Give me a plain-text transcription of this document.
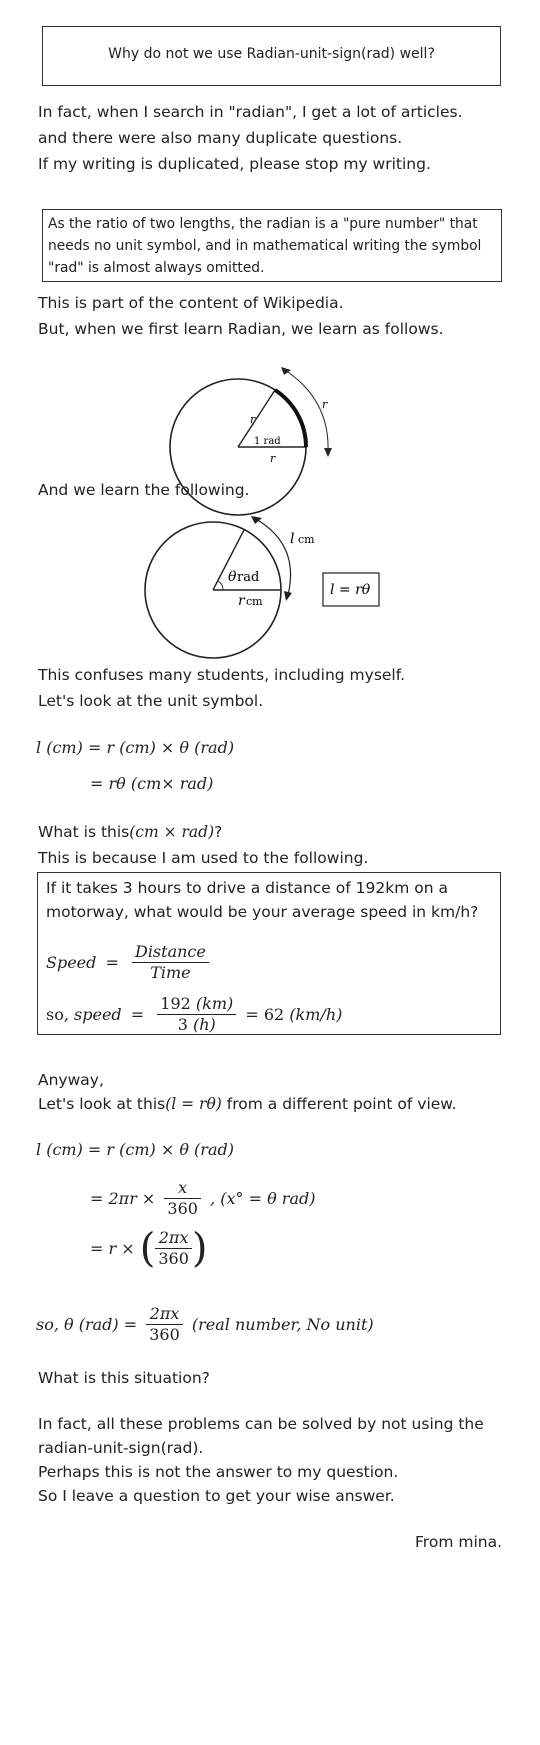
Why do not we use Radian-unit-sign(rad) well?
In fact, when I search in "radian", I get a lot of articles.
and there were also many duplicate questions.
If my writing is duplicated, please stop my writing.
As the ratio of two lengths, the radian is a "pure number" that
needs no unit symbol, and in mathematical writing the symbol
"rad" is almost always omitted.
This is part of the content of Wikipedia.
But, when we first learn Radian, we learn as follows.
r
r
r
1 rad
And we learn the following.
l cm
θ rad
r cm
l = rθ
This confuses many students, including myself.
Let's look at the unit symbol.
l (cm) = r (cm) × θ (rad)
= rθ (cm× rad)
What is this(cm × rad)?
This is because I am used to the following.
If it takes 3 hours to drive a distance of 192km on a
motorway, what would be your average speed in km/h?
Speed = $\frac{\text{Distance}}{\text{Time}}$
so, speed = $\frac{192 (km)}{3 (h)} = 62$ (km/h)
Anyway,
Let's look at this(l = rθ) from a different point of view.
l (cm) = r (cm) × θ (rad)
= $2\pi r \times \frac{x}{360}$ , (x° = θ rad)
= r × ( $\frac{2\pi x}{360}$ )
so, θ $(rad) = \frac{2\pi x}{360}$ (real number, No unit)
What is this situation?
In fact, all these problems can be solved by not using the
radian-unit-sign(rad).
Perhaps this is not the answer to my question.
So I leave a question to get your wise answer.
From mina.
